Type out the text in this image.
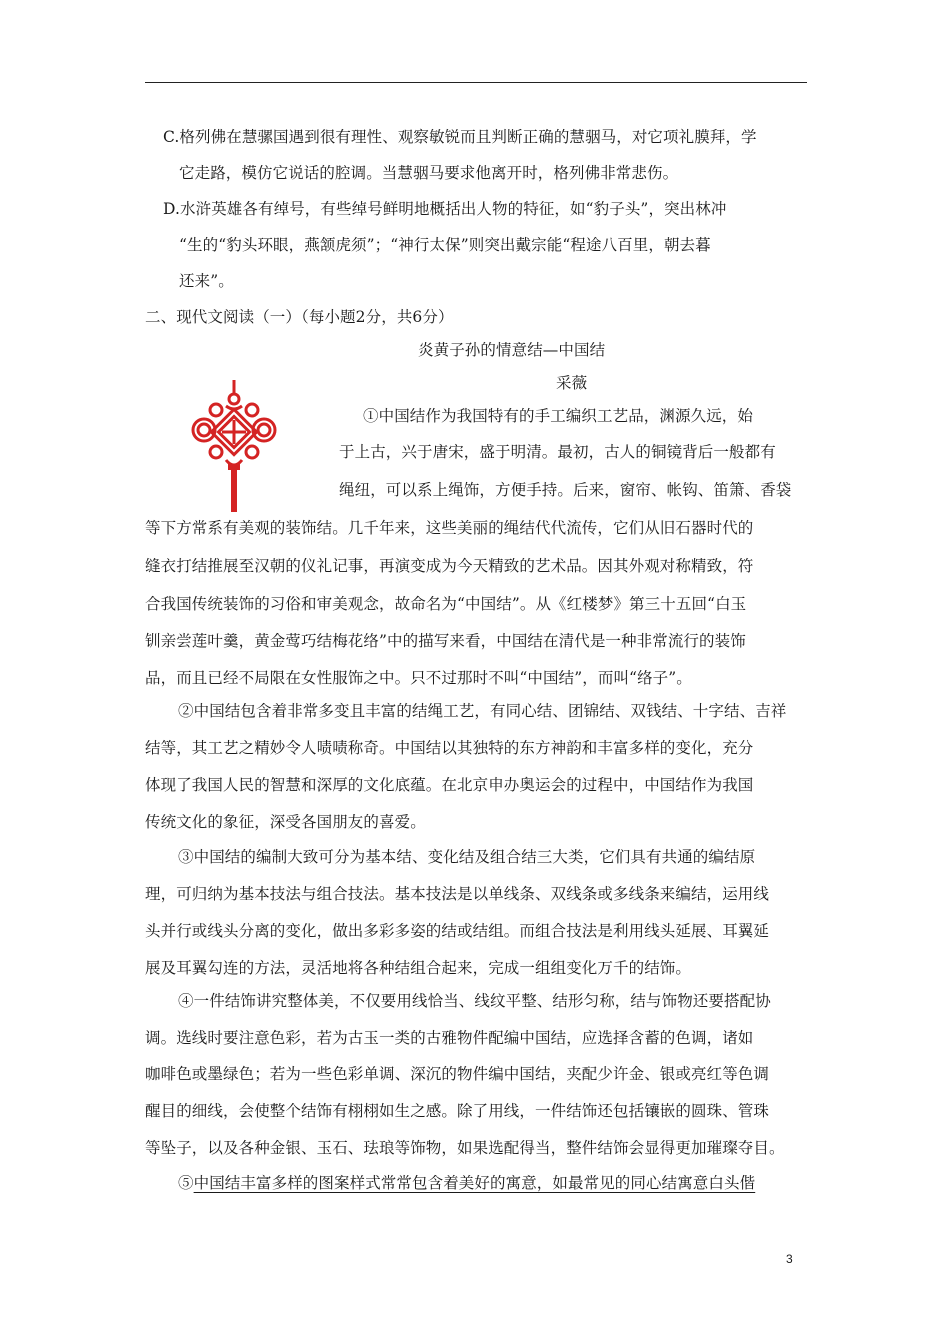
C.格列佛在慧骡国遇到很有理性、观察敏锐而且判断正确的慧骃马，对它项礼膜拜，学
它走路，模仿它说话的腔调。当慧骃马要求他离开时，格列佛非常悲伤。
D.水浒英雄各有绰号，有些绰号鲜明地概括出人物的特征，如“豹子头”，突出林冲
“生的“豹头环眼，燕颔虎须”；“神行太保”则突出戴宗能“程途八百里，朝去暮
还来”。
二、现代文阅读（一）（每小题2分，共6分）
炎黄子孙的情意结—中国结
采薇
①中国结作为我国特有的手工编织工艺品，渊源久远，始
于上古，兴于唐宋，盛于明清。最初，古人的铜镜背后一般都有
绳纽，可以系上绳饰，方便手持。后来，窗帘、帐钩、笛箫、香袋
等下方常系有美观的装饰结。几千年来，这些美丽的绳结代代流传，它们从旧石器时代的
缝衣打结推展至汉朝的仪礼记事，再演变成为今天精致的艺术品。因其外观对称精致，符
合我国传统装饰的习俗和审美观念，故命名为“中国结”。从《红楼梦》第三十五回“白玉
钏亲尝莲叶羹，黄金莺巧结梅花络”中的描写来看，中国结在清代是一种非常流行的装饰
品，而且已经不局限在女性服饰之中。只不过那时不叫“中国结”，而叫“络子”。
②中国结包含着非常多变且丰富的结绳工艺，有同心结、团锦结、双钱结、十字结、吉祥
结等，其工艺之精妙令人啧啧称奇。中国结以其独特的东方神韵和丰富多样的变化，充分
体现了我国人民的智慧和深厚的文化底蕴。在北京申办奥运会的过程中，中国结作为我国
传统文化的象征，深受各国朋友的喜爱。
③中国结的编制大致可分为基本结、变化结及组合结三大类，它们具有共通的编结原
理，可归纳为基本技法与组合技法。基本技法是以单线条、双线条或多线条来编结，运用线
头并行或线头分离的变化，做出多彩多姿的结或结组。而组合技法是利用线头延展、耳翼延
展及耳翼勾连的方法，灵活地将各种结组合起来，完成一组组变化万千的结饰。
④一件结饰讲究整体美，不仅要用线恰当、线纹平整、结形匀称，结与饰物还要搭配协
调。选线时要注意色彩，若为古玉一类的古雅物件配编中国结，应选择含蓄的色调，诸如
咖啡色或墨绿色；若为一些色彩单调、深沉的物件编中国结，夹配少许金、银或亮红等色调
醒目的细线，会使整个结饰有栩栩如生之感。除了用线，一件结饰还包括镶嵌的圆珠、管珠
等坠子，以及各种金银、玉石、珐琅等饰物，如果选配得当，整件结饰会显得更加璀璨夺目。
⑤中国结丰富多样的图案样式常常包含着美好的寓意，如最常见的同心结寓意白头偕
3
